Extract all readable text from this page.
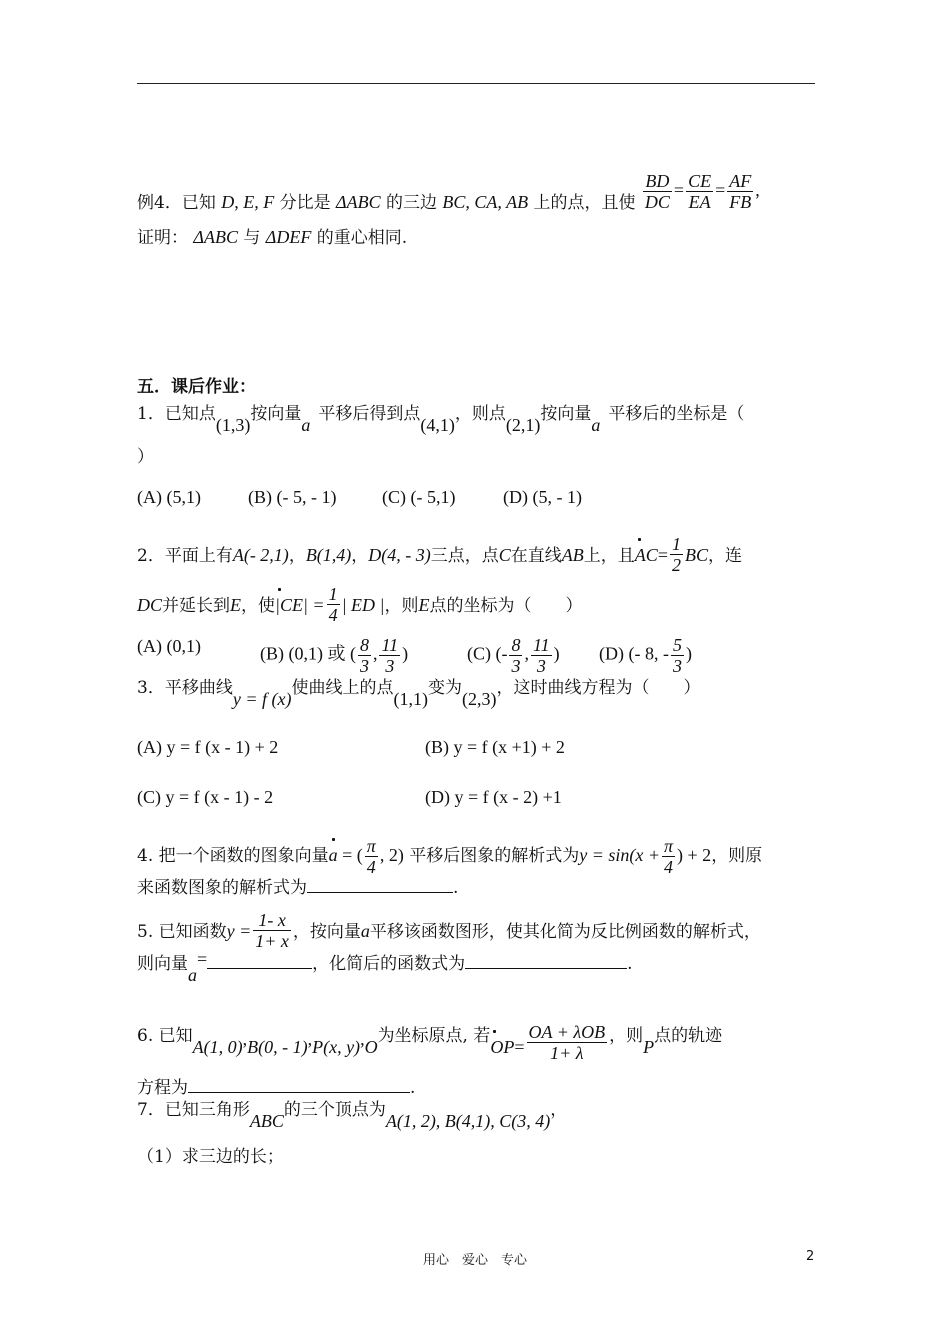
例4．已知 D, E, F 分比是 ΔABC 的三边 BC, CA, AB 上的点，且使 $\frac{BD}{DC} = \frac{CE}{EA} = \frac{AF}{FB}$ ,
证明： ΔABC 与 ΔDEF 的重心相同.
五．课后作业：
1．已知点(1,3)按向量a平移后得到点(4,1)，则点(2,1)按向量a平移后的坐标是（
）
(A) (5,1)	(B) (- 5, - 1)	(C) (- 5,1)	(D) (5, - 1)
2．平面上有A(- 2,1)，B(1,4)，D(4, - 3)三点，点C在直线AB上，且$AC= \frac{1}{2}$ BC，连
DC并延长到E，使$|CE| = \frac{1}{4}$ | ED |，则E点的坐标为（　　）
(A) (0,1)	(B) (0,1) 或 ( $\frac{8}{3}$ , $\frac{11}{3}$ )	(C) (- $\frac{8}{3}$ , $\frac{11}{3}$ ) (D) (- 8, - $\frac{5}{3}$ )
3．平移曲线y = f (x)使曲线上的点(1,1)变为(2,3)，这时曲线方程为（　　）
(A) y = f (x - 1) + 2	(B) y = f (x +1) + 2
(C) y = f (x - 1) - 2	(D) y = f (x - 2) +1
4. 把一个函数的图象向量a = ( $\frac{\pi}{4}$ , 2) 平移后图象的解析式为$y = \sin(x + \frac{\pi}{4}$ ) + 2，则原
来函数图象的解析式为	.
5. 已知函数$y = \frac{1- x}{1+ x}$ ，按向量a平移该函数图形，使其化简为反比例函数的解析式，
则向量a=	，化简后的函数式为	.
6. 已知A(1, 0),B(0, - 1),P(x, y),O为坐标原点, 若$OP= \frac{\text{OA + λOB}}{1+ \lambda}$ ，则P点的轨迹
方程为	.
7．已知三角形ABC的三个顶点为A(1, 2), B(4,1), C(3, 4)，
（1）求三边的长；
用心　爱心　专心	2
